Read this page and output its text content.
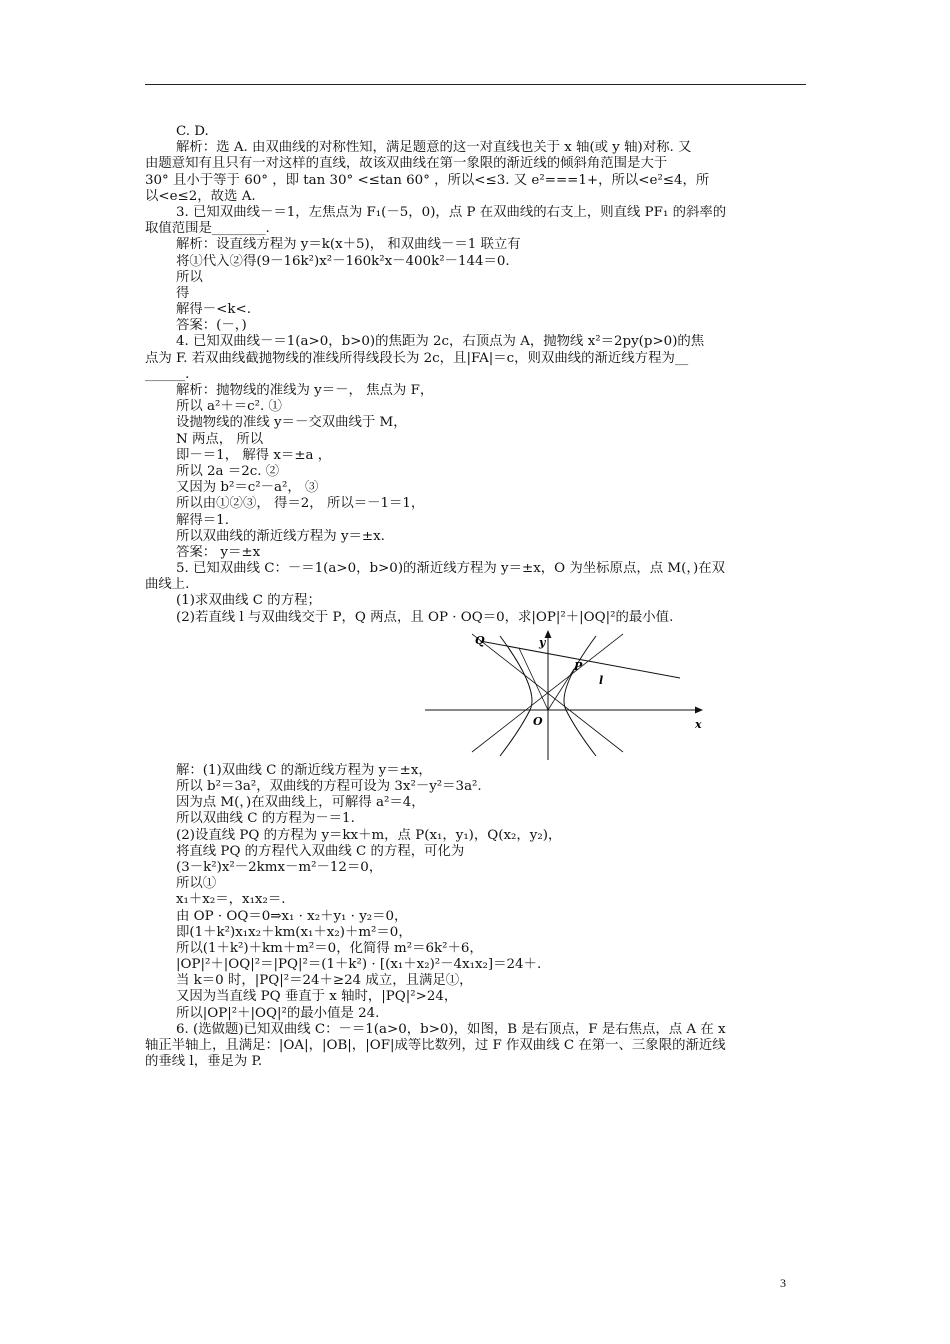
C. D.
解析：选 A. 由双曲线的对称性知，满足题意的这一对直线也关于 x 轴(或 y 轴)对称. 又
由题意知有且只有一对这样的直线，故该双曲线在第一象限的渐近线的倾斜角范围是大于
30° 且小于等于 60° ，即 tan 30° <≤tan 60° ，所以<≤3. 又 e²===1+，所以<e²≤4，所
以<e≤2，故选 A.
3. 已知双曲线－＝1，左焦点为 F₁(－5，0)，点 P 在双曲线的右支上，则直线 PF₁ 的斜率的
取值范围是________.
解析：设直线方程为 y＝k(x＋5)， 和双曲线－＝1 联立有
将①代入②得(9－16k²)x²－160k²x－400k²－144＝0.
所以
得
解得－<k<.
答案：(－，)
4. 已知双曲线－＝1(a>0，b>0)的焦距为 2c，右顶点为 A，抛物线 x²＝2py(p>0)的焦
点为 F. 若双曲线截抛物线的准线所得线段长为 2c，且|FA|＝c，则双曲线的渐近线方程为__
______.
解析：抛物线的准线为 y＝－， 焦点为 F，
所以 a²＋＝c². ①
设抛物线的准线 y＝－交双曲线于 M，
N 两点， 所以
即－＝1， 解得 x＝±a ，
所以 2a ＝2c. ②
又因为 b²＝c²－a²， ③
所以由①②③， 得＝2， 所以＝－1＝1，
解得＝1.
所以双曲线的渐近线方程为 y＝±x.
答案： y＝±x
5. 已知双曲线 C：－＝1(a>0，b>0)的渐近线方程为 y＝±x，O 为坐标原点，点 M(，)在双
曲线上.
(1)求双曲线 C 的方程；
(2)若直线 l 与双曲线交于 P，Q 两点，且 OP · OQ＝0，求|OP|²＋|OQ|²的最小值.
Q	y
P
l
O	x
解：(1)双曲线 C 的渐近线方程为 y＝±x，
所以 b²＝3a²，双曲线的方程可设为 3x²－y²＝3a².
因为点 M(，)在双曲线上，可解得 a²＝4，
所以双曲线 C 的方程为－＝1.
(2)设直线 PQ 的方程为 y＝kx＋m，点 P(x₁，y₁)，Q(x₂，y₂)，
将直线 PQ 的方程代入双曲线 C 的方程，可化为
(3－k²)x²－2kmx－m²－12＝0，
所以①
x₁＋x₂＝，x₁x₂＝.
由 OP · OQ＝0⇒x₁ · x₂＋y₁ · y₂＝0，
即(1＋k²)x₁x₂＋km(x₁＋x₂)＋m²＝0，
所以(1＋k²)＋km＋m²＝0，化简得 m²＝6k²＋6，
|OP|²＋|OQ|²＝|PQ|²＝(1＋k²) · [(x₁＋x₂)²－4x₁x₂]＝24＋.
当 k＝0 时，|PQ|²＝24＋≥24 成立，且满足①，
又因为当直线 PQ 垂直于 x 轴时，|PQ|²>24，
所以|OP|²＋|OQ|²的最小值是 24.
6. (选做题)已知双曲线 C：－＝1(a>0，b>0)，如图，B 是右顶点，F 是右焦点，点 A 在 x
轴正半轴上，且满足：|OA|，|OB|，|OF|成等比数列，过 F 作双曲线 C 在第一、三象限的渐近线
的垂线 l，垂足为 P.
3
